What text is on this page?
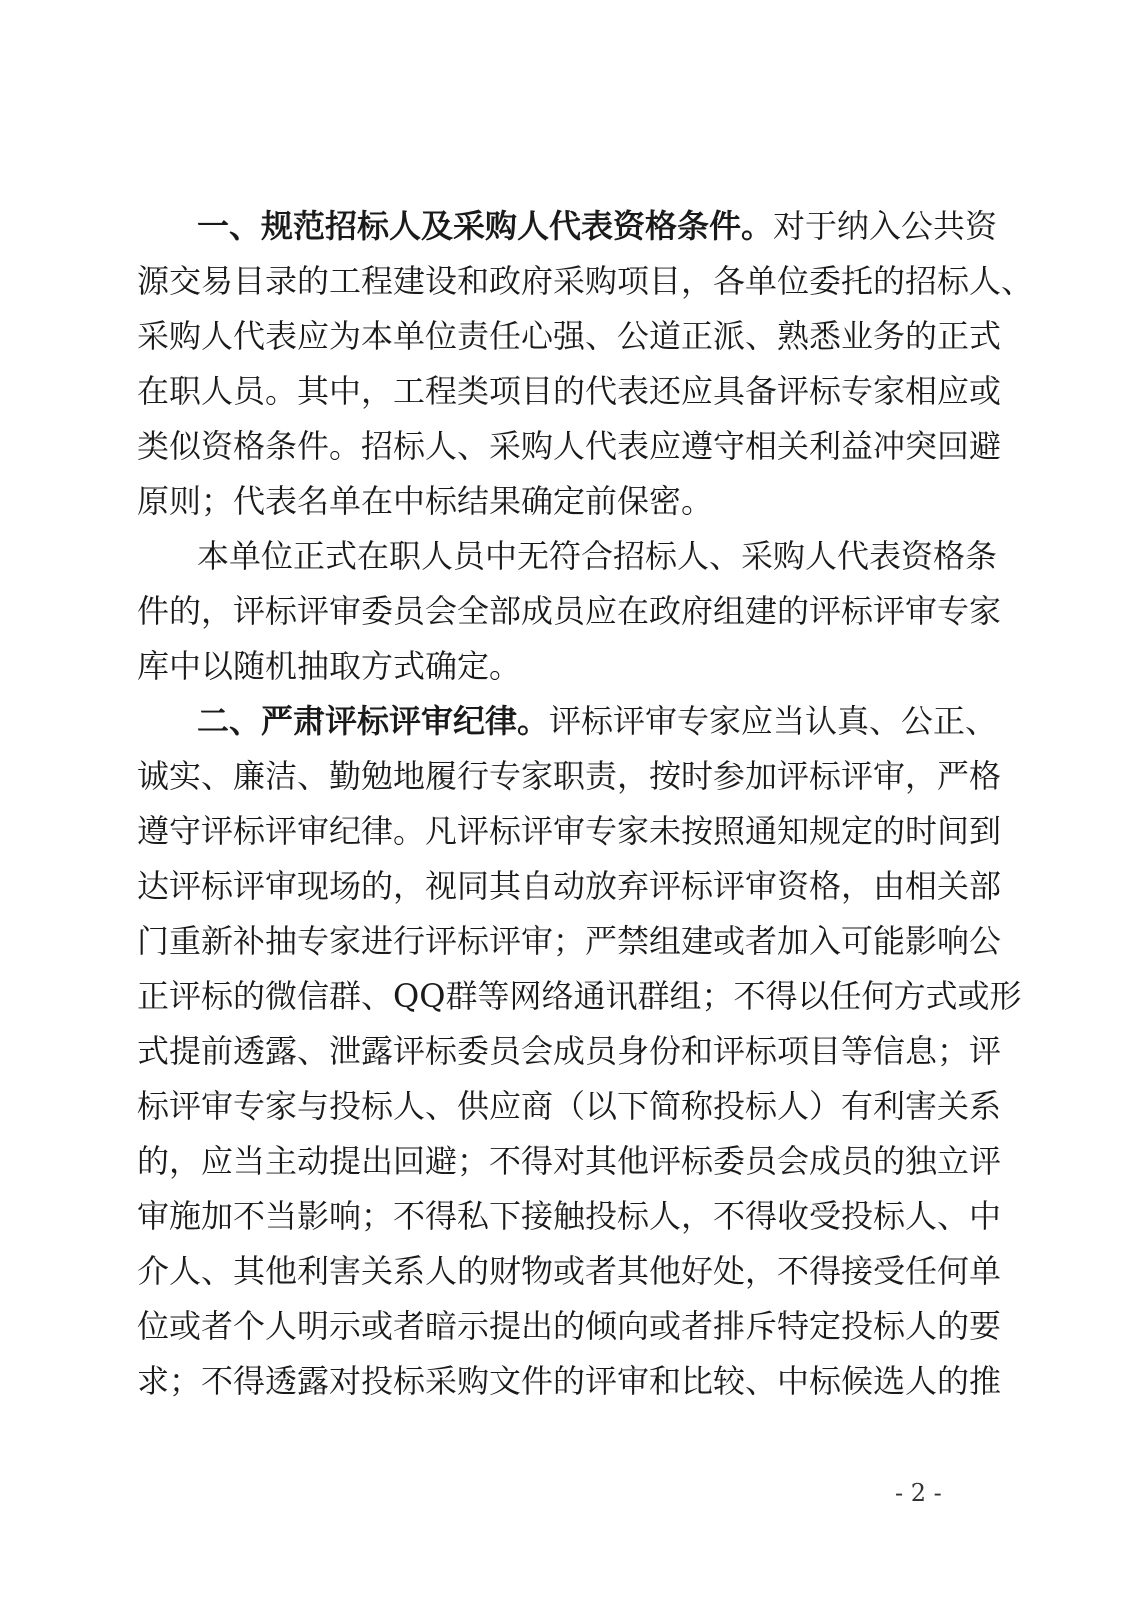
一、规范招标人及采购人代表资格条件。对于纳入公共资
源交易目录的工程建设和政府采购项目，各单位委托的招标人、
采购人代表应为本单位责任心强、公道正派、熟悉业务的正式
在职人员。其中，工程类项目的代表还应具备评标专家相应或
类似资格条件。招标人、采购人代表应遵守相关利益冲突回避
原则；代表名单在中标结果确定前保密。
本单位正式在职人员中无符合招标人、采购人代表资格条
件的，评标评审委员会全部成员应在政府组建的评标评审专家
库中以随机抽取方式确定。
二、严肃评标评审纪律。评标评审专家应当认真、公正、
诚实、廉洁、勤勉地履行专家职责，按时参加评标评审，严格
遵守评标评审纪律。凡评标评审专家未按照通知规定的时间到
达评标评审现场的，视同其自动放弃评标评审资格，由相关部
门重新补抽专家进行评标评审；严禁组建或者加入可能影响公
正评标的微信群、QQ群等网络通讯群组；不得以任何方式或形
式提前透露、泄露评标委员会成员身份和评标项目等信息；评
标评审专家与投标人、供应商（以下简称投标人）有利害关系
的，应当主动提出回避；不得对其他评标委员会成员的独立评
审施加不当影响；不得私下接触投标人，不得收受投标人、中
介人、其他利害关系人的财物或者其他好处，不得接受任何单
位或者个人明示或者暗示提出的倾向或者排斥特定投标人的要
求；不得透露对投标采购文件的评审和比较、中标候选人的推
- 2 -
